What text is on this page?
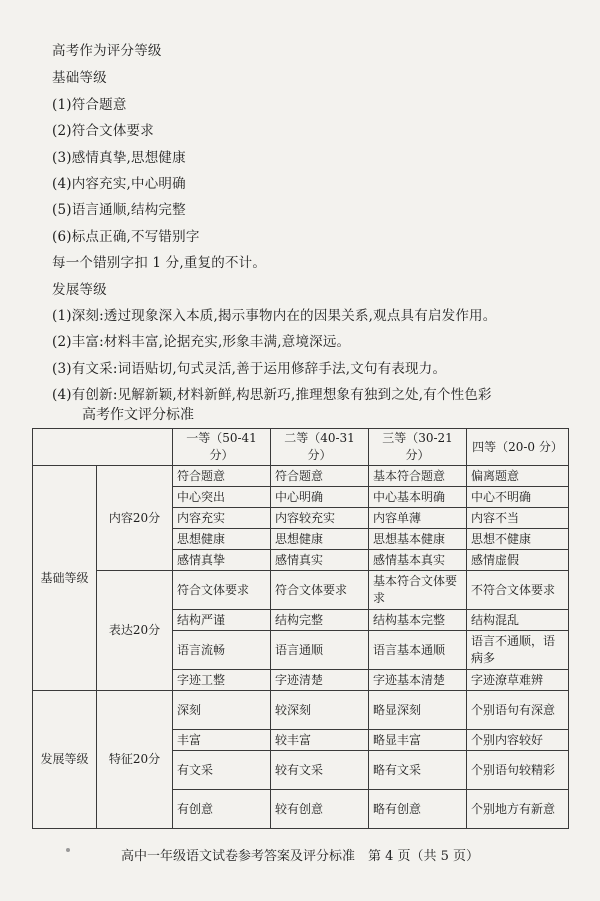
高考作为评分等级
基础等级
(1)符合题意
(2)符合文体要求
(3)感情真挚,思想健康
(4)内容充实,中心明确
(5)语言通顺,结构完整
(6)标点正确,不写错别字
每一个错别字扣 1 分,重复的不计。
发展等级
(1)深刻:透过现象深入本质,揭示事物内在的因果关系,观点具有启发作用。
(2)丰富:材料丰富,论据充实,形象丰满,意境深远。
(3)有文采:词语贴切,句式灵活,善于运用修辞手法,文句有表现力。
(4)有创新:见解新颖,材料新鲜,构思新巧,推理想象有独到之处,有个性色彩
高考作文评分标准
		一等（50-41 分）	二等（40-31 分）	三等（30-21 分）	四等（20-0 分）
基础等级	内容20分	符合题意	符合题意	基本符合题意	偏离题意
		中心突出	中心明确	中心基本明确	中心不明确
		内容充实	内容较充实	内容单薄	内容不当
		思想健康	思想健康	思想基本健康	思想不健康
		感情真挚	感情真实	感情基本真实	感情虚假
	表达20分	符合文体要求	符合文体要求	基本符合文体要求	不符合文体要求
		结构严谨	结构完整	结构基本完整	结构混乱
		语言流畅	语言通顺	语言基本通顺	语言不通顺，语病多
		字迹工整	字迹清楚	字迹基本清楚	字迹潦草难辨
发展等级	特征20分	深刻	较深刻	略显深刻	个别语句有深意
		丰富	较丰富	略显丰富	个别内容较好
		有文采	较有文采	略有文采	个别语句较精彩
		有创意	较有创意	略有创意	个别地方有新意
高中一年级语文试卷参考答案及评分标准　第 4 页（共 5 页）
